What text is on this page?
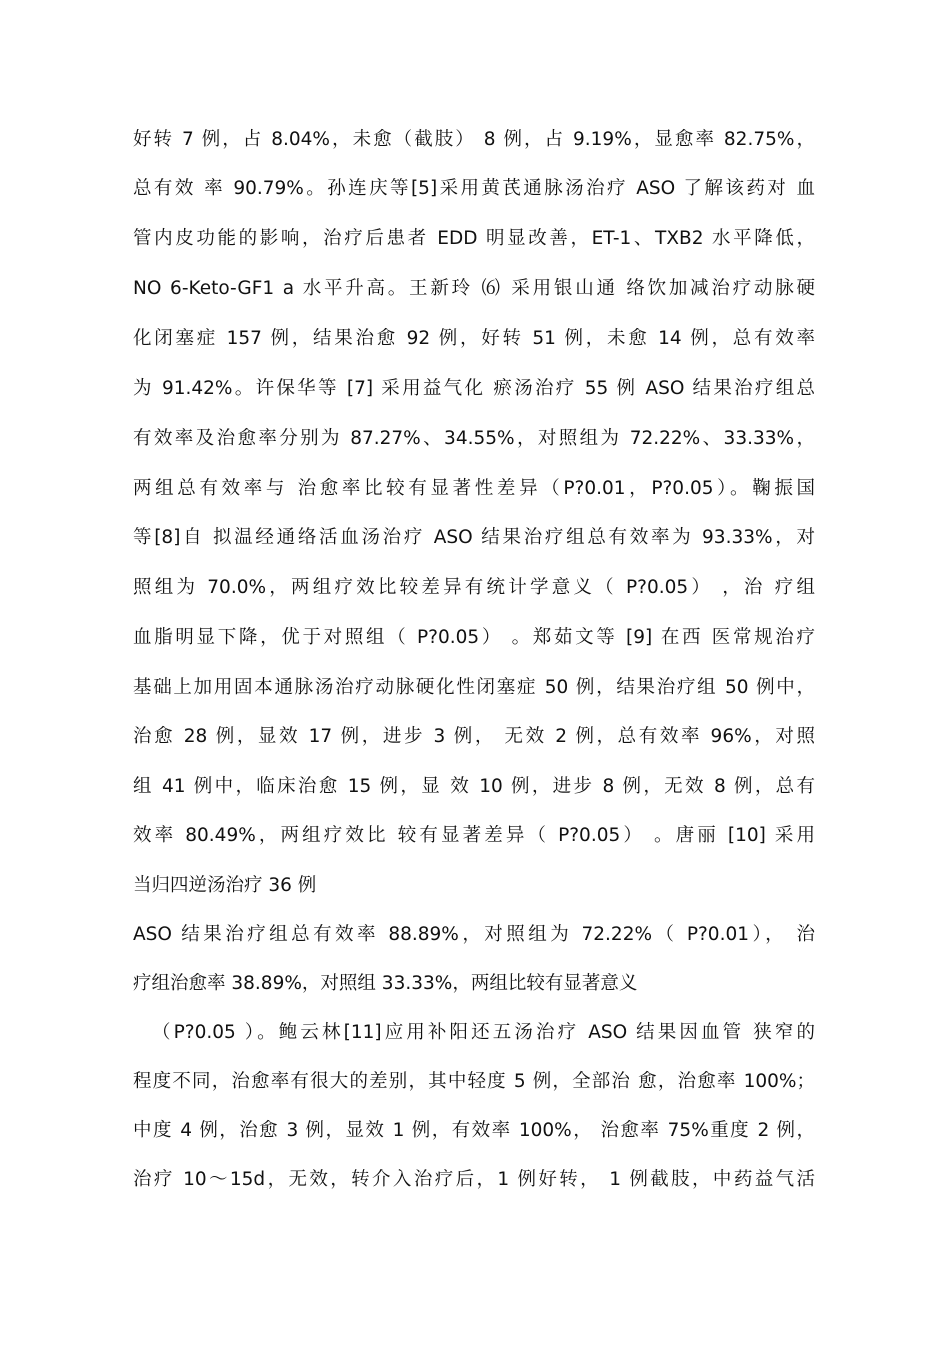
好转 7 例，占 8.04%，未愈（截肢） 8 例，占 9.19%，显愈率 82.75%，
总有效 率 90.79%。孙连庆等[5]采用黄芪通脉汤治疗 ASO 了解该药对 血
管内皮功能的影响，治疗后患者 EDD 明显改善，ET-1、TXB2 水平降低，
NO 6-Keto-GF1 a 水平升高。王新玲 ⑹ 采用银山通 络饮加减治疗动脉硬
化闭塞症 157 例，结果治愈 92 例，好转 51 例，未愈 14 例，总有效率
为 91.42%。许保华等 [7] 采用益气化 瘀汤治疗 55 例 ASO 结果治疗组总
有效率及治愈率分别为 87.27%、34.55%，对照组为 72.22%、33.33%，
两组总有效率与 治愈率比较有显著性差异（P?0.01，P?0.05）。鞠振国
等[8]自 拟温经通络活血汤治疗 ASO 结果治疗组总有效率为 93.33%，对
照组为 70.0%，两组疗效比较差异有统计学意义（ P?0.05） ，治 疗组
血脂明显下降，优于对照组（ P?0.05） 。郑茹文等 [9] 在西 医常规治疗
基础上加用固本通脉汤治疗动脉硬化性闭塞症 50 例，结果治疗组 50 例中，
治愈 28 例，显效 17 例，进步 3 例， 无效 2 例，总有效率 96%，对照
组 41 例中，临床治愈 15 例，显 效 10 例，进步 8 例，无效 8 例，总有
效率 80.49%，两组疗效比 较有显著差异（ P?0.05） 。唐丽 [10] 采用
当归四逆汤治疗 36 例
ASO 结果治疗组总有效率 88.89%，对照组为 72.22%（ P?0.01）， 治
疗组治愈率 38.89%，对照组 33.33%，两组比较有显著意义
（P?0.05 ）。鲍云林[11]应用补阳还五汤治疗 ASO 结果因血管 狭窄的
程度不同，治愈率有很大的差别，其中轻度 5 例，全部治 愈，治愈率 100%；
中度 4 例，治愈 3 例，显效 1 例，有效率 100%， 治愈率 75%重度 2 例，
治疗 10〜15d，无效，转介入治疗后，1 例好转， 1 例截肢，中药益气活
